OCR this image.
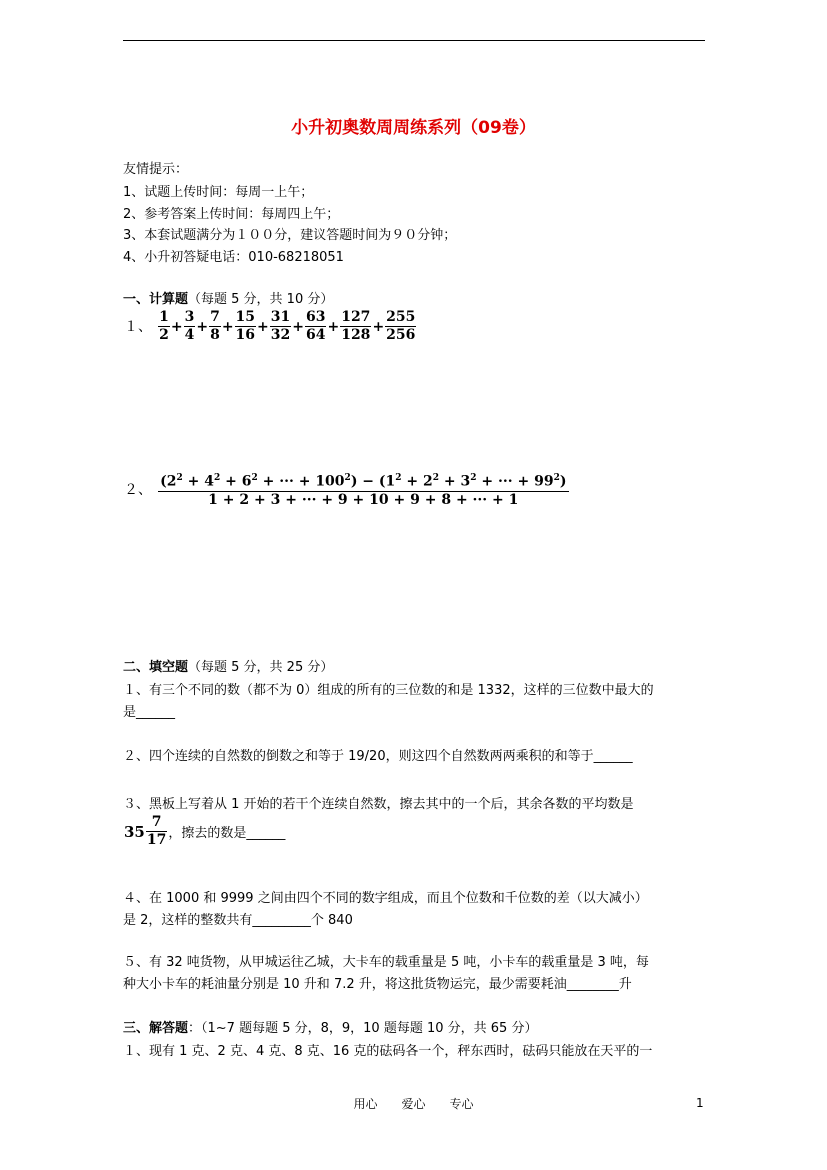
小升初奥数周周练系列（09卷）
友情提示：
1、试题上传时间：每周一上午；
2、参考答案上传时间：每周四上午；
3、本套试题满分为１００分，建议答题时间为９０分钟；
4、小升初答疑电话：010-68218051
一、计算题（每题 5 分，共 10 分）
１、 $\frac{1}{2} + \frac{3}{4} + \frac{7}{8} + \frac{15}{16} + \frac{31}{32} + \frac{63}{64} + \frac{127}{128} + \frac{255}{256}$
２、 $\frac{(2^2 + 4^2 + 6^2 + \cdot\cdot\cdot + 100^2) - (1^2 + 2^2 + 3^2 + \cdot\cdot\cdot + 99^2)}{1 + 2 + 3 + \cdot\cdot\cdot + 9 + 10 + 9 + 8 + \cdot\cdot\cdot + 1}$
二、填空题（每题 5 分，共 25 分）
１、有三个不同的数（都不为 0）组成的所有的三位数的和是 1332，这样的三位数中最大的
是______
２、四个连续的自然数的倒数之和等于 19/20，则这四个自然数两两乘积的和等于______
３、黑板上写着从 1 开始的若干个连续自然数，擦去其中的一个后，其余各数的平均数是
$35 \frac{7}{17}$ ，擦去的数是______
４、在 1000 和 9999 之间由四个不同的数字组成，而且个位数和千位数的差（以大减小）
是 2，这样的整数共有_________个 840
５、有 32 吨货物，从甲城运往乙城，大卡车的载重量是 5 吨，小卡车的载重量是 3 吨，每
种大小卡车的耗油量分别是 10 升和 7.2 升，将这批货物运完，最少需要耗油________升
三、解答题：（1~7 题每题 5 分，8，9，10 题每题 10 分，共 65 分）
１、现有 1 克、2 克、4 克、8 克、16 克的砝码各一个，秤东西时，砝码只能放在天平的一
用心　　爱心　　专心	1
